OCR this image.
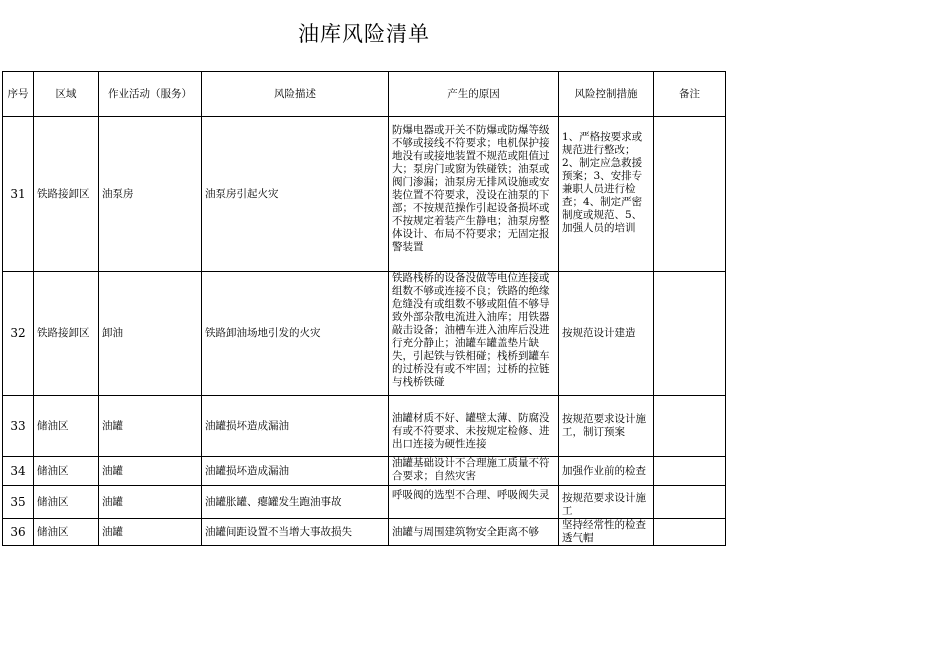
油库风险清单
序号	区域	作业活动（服务）	风险描述	产生的原因	风险控制措施	备注
31	铁路接卸区	油泵房	油泵房引起火灾	防爆电器或开关不防爆或防爆等级不够或接线不符要求；电机保护接地没有或接地装置不规范或阻值过大；泵房门或窗为铁碰铁；油泵或阀门渗漏；油泵房无排风设施或安装位置不符要求，没设在油泵的下部；不按规范操作引起设备损坏或不按规定着装产生静电；油泵房整体设计、布局不符要求；无固定报警装置	1、严格按要求或规范进行整改；2、制定应急救援预案；3、安排专兼职人员进行检查；4、制定严密制度或规范、5、加强人员的培训	

32	铁路接卸区	卸油	铁路卸油场地引发的火灾	铁路栈桥的设备没做等电位连接或组数不够或连接不良；铁路的绝缘危缝没有或组数不够或阻值不够导致外部杂散电流进入油库；用铁器敲击设备；油槽车进入油库后没进行充分静止；油罐车罐盖垫片缺失，引起铁与铁相碰；栈桥到罐车的过桥没有或不牢固；过桥的拉链与栈桥铁碰	按规范设计建造	
33	储油区	油罐	油罐损坏造成漏油	油罐材质不好、罐壁太薄、防腐没有或不符要求、未按规定检修、进出口连接为硬性连接	按规范要求设计施工，制订预案	
34	储油区	油罐	油罐损坏造成漏油	油罐基础设计不合理施工质量不符合要求；自然灾害	加强作业前的检查	
35	储油区	油罐	油罐胀罐、瘪罐发生跑油事故	呼吸阀的选型不合理、呼吸阀失灵	按规范要求设计施工	

36	储油区	油罐	油罐间距设置不当增大事故损失	油罐与周围建筑物安全距离不够	坚持经常性的检查透气帽	
